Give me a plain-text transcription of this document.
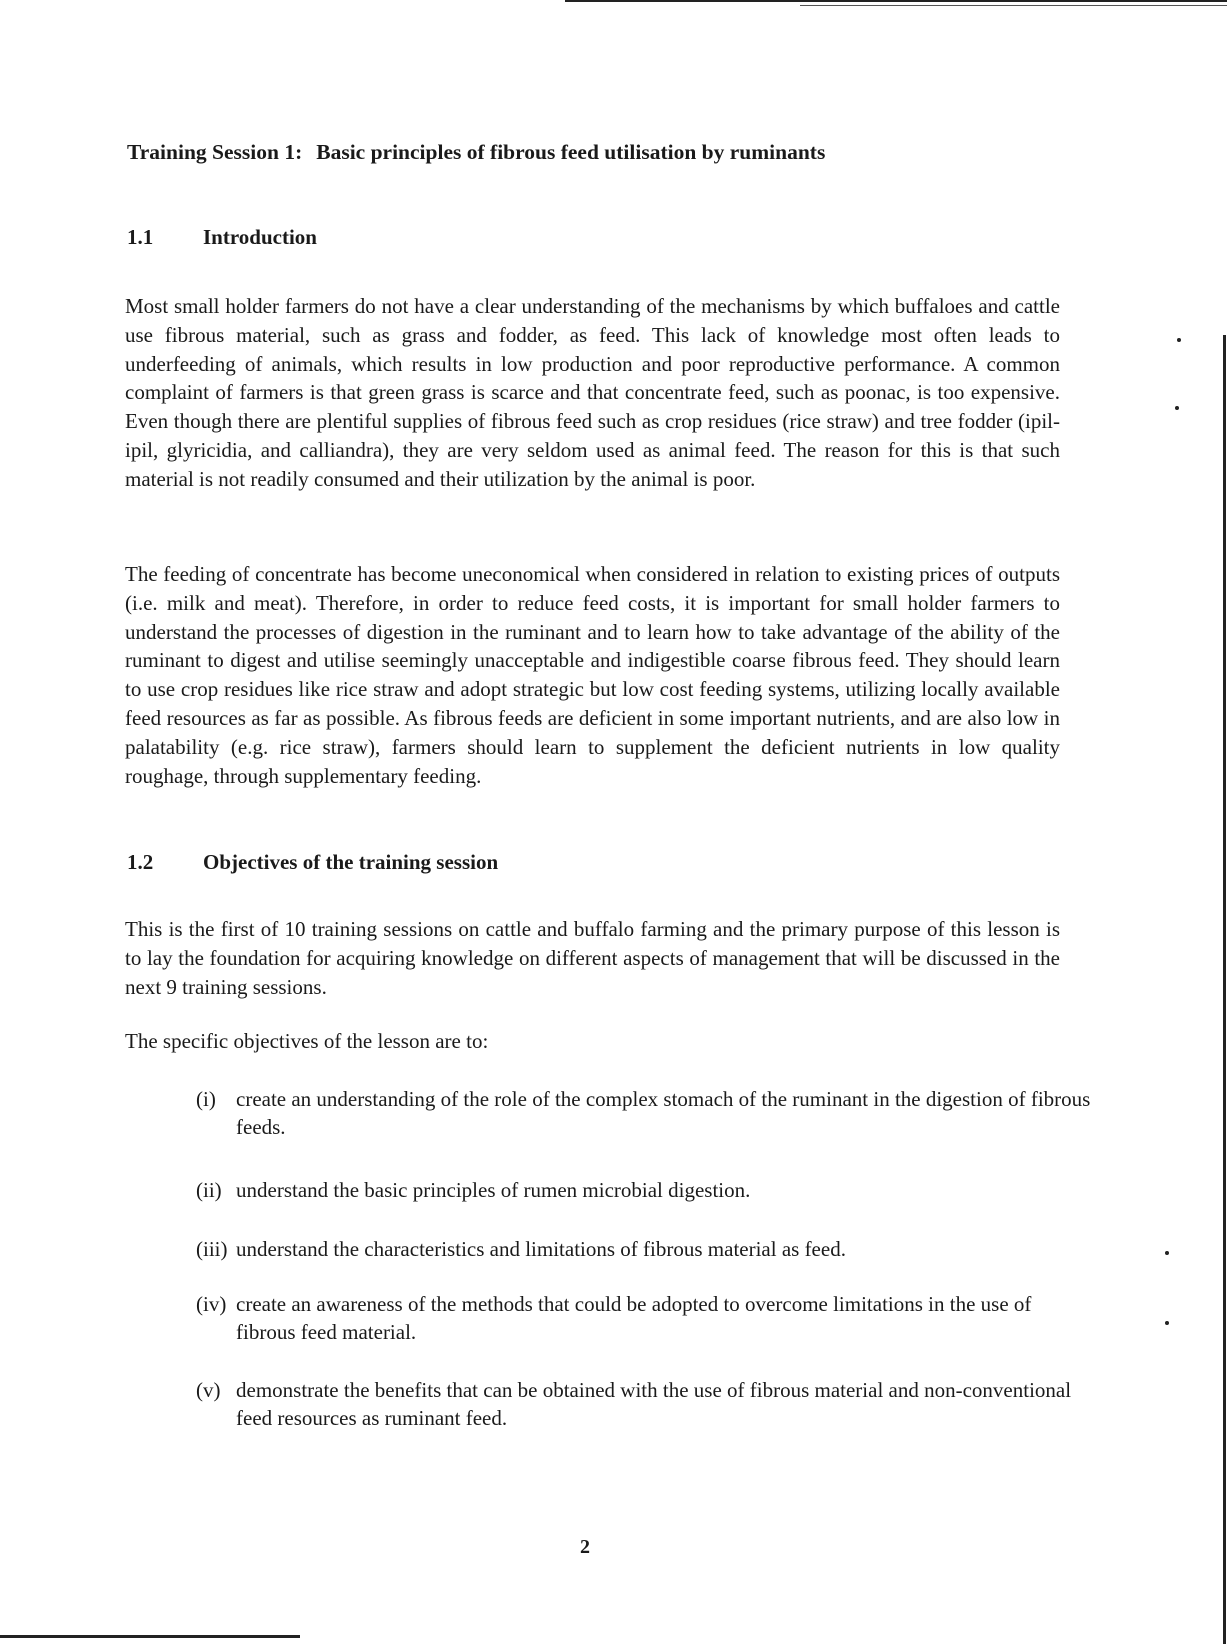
Training Session 1: Basic principles of fibrous feed utilisation by ruminants
1.1 Introduction

Most small holder farmers do not have a clear understanding of the mechanisms by which buffaloes and cattle use fibrous material, such as grass and fodder, as feed. This lack of knowledge most often leads to underfeeding of animals, which results in low production and poor reproductive performance. A common complaint of farmers is that green grass is scarce and that concentrate feed, such as poonac, is too expensive. Even though there are plentiful supplies of fibrous feed such as crop residues (rice straw) and tree fodder (ipil-ipil, glyricidia, and calliandra), they are very seldom used as animal feed. The reason for this is that such material is not readily consumed and their utilization by the animal is poor.

The feeding of concentrate has become uneconomical when considered in relation to existing prices of outputs (i.e. milk and meat). Therefore, in order to reduce feed costs, it is important for small holder farmers to understand the processes of digestion in the ruminant and to learn how to take advantage of the ability of the ruminant to digest and utilise seemingly unacceptable and indigestible coarse fibrous feed. They should learn to use crop residues like rice straw and adopt strategic but low cost feeding systems, utilizing locally available feed resources as far as possible. As fibrous feeds are deficient in some important nutrients, and are also low in palatability (e.g. rice straw), farmers should learn to supplement the deficient nutrients in low quality roughage, through supplementary feeding.

1.2 Objectives of the training session

This is the first of 10 training sessions on cattle and buffalo farming and the primary purpose of this lesson is to lay the foundation for acquiring knowledge on different aspects of management that will be discussed in the next 9 training sessions.

The specific objectives of the lesson are to:

(i) create an understanding of the role of the complex stomach of the ruminant in the digestion of fibrous feeds.
(ii) understand the basic principles of rumen microbial digestion.
(iii) understand the characteristics and limitations of fibrous material as feed.
(iv) create an awareness of the methods that could be adopted to overcome limitations in the use of fibrous feed material.
(v) demonstrate the benefits that can be obtained with the use of fibrous material and non-conventional feed resources as ruminant feed.

2
